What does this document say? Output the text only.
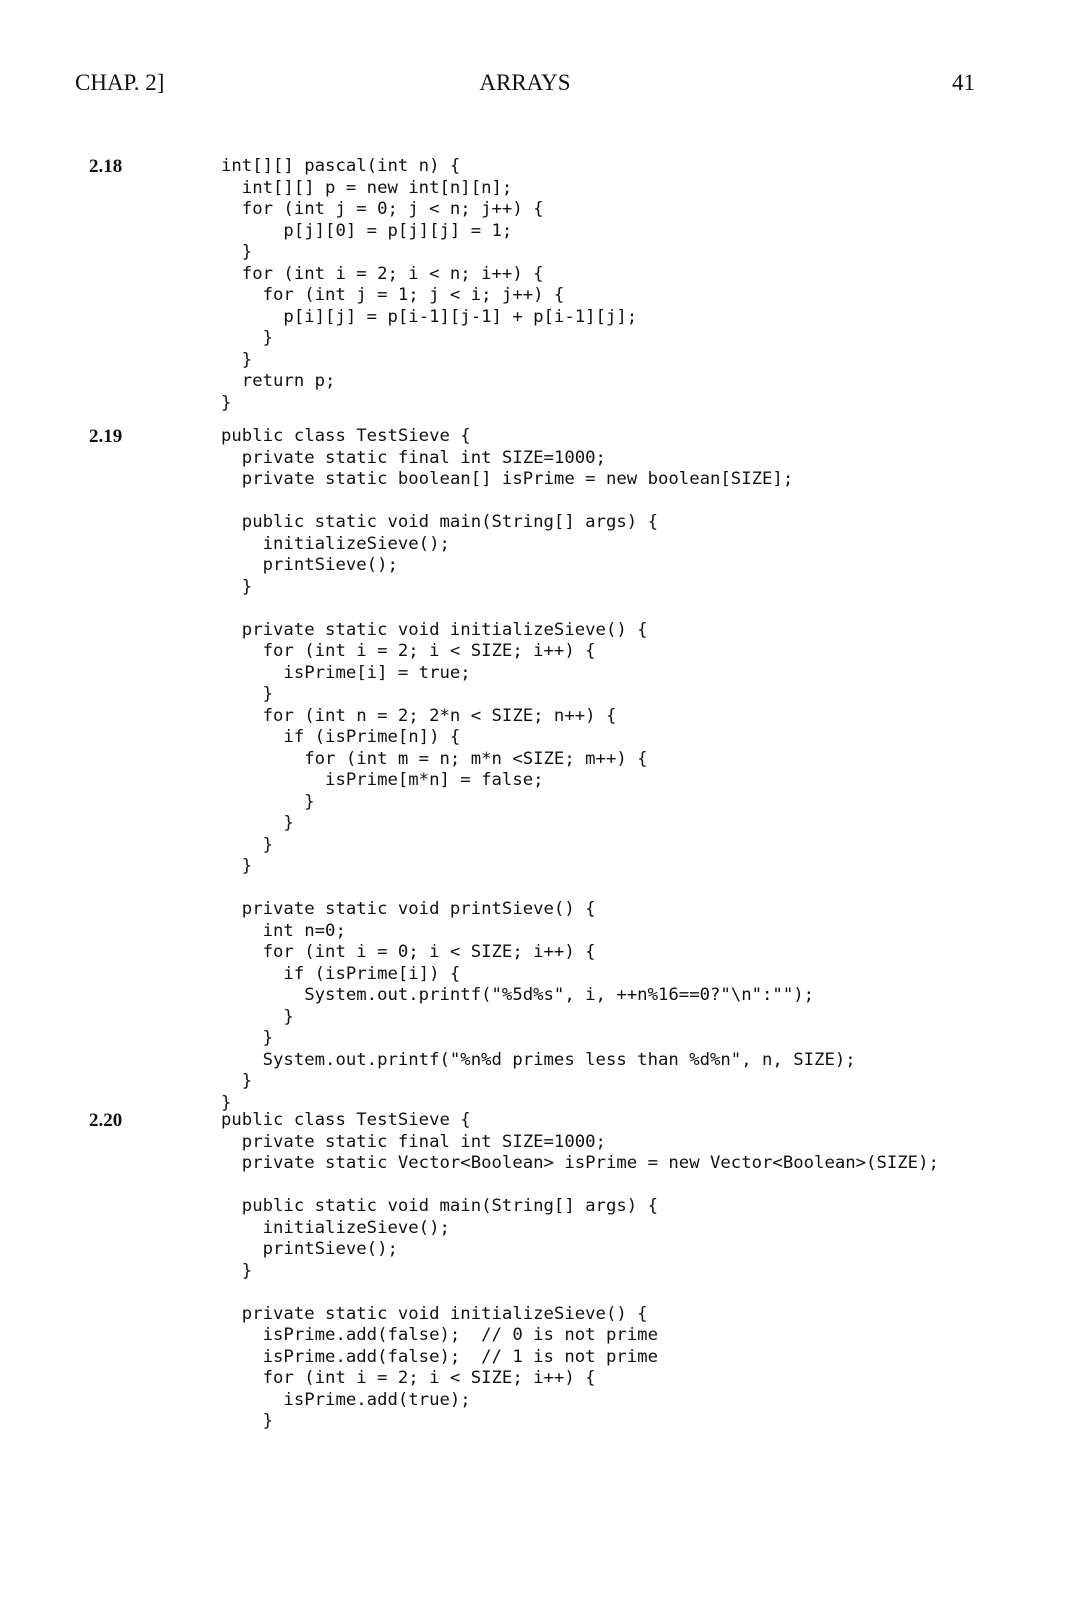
CHAP. 2]	ARRAYS	41
2.18	int[][] pascal(int n) {
int[][] p = new int[n][n];
for (int j = 0; j < n; j++) {
p[j][0] = p[j][j] = 1;
}
for (int i = 2; i < n; i++) {
for (int j = 1; j < i; j++) {
p[i][j] = p[i-1][j-1] + p[i-1][j];
}
}
return p;
}
2.19	public class TestSieve {
private static final int SIZE=1000;
private static boolean[] isPrime = new boolean[SIZE];
public static void main(String[] args) {
initializeSieve();
printSieve();
}
private static void initializeSieve() {
for (int i = 2; i < SIZE; i++) {
isPrime[i] = true;
}
for (int n = 2; 2*n < SIZE; n++) {
if (isPrime[n]) {
for (int m = n; m*n <SIZE; m++) {
isPrime[m*n] = false;
}
}
}
}
private static void printSieve() {
int n=0;
for (int i = 0; i < SIZE; i++) {
if (isPrime[i]) {
System.out.printf("%5d%s", i, ++n%16==0?"\n":"");
}
}
System.out.printf("%n%d primes less than %d%n", n, SIZE);
}
}
2.20	public class TestSieve {
private static final int SIZE=1000;
private static Vector<Boolean> isPrime = new Vector<Boolean>(SIZE);
public static void main(String[] args) {
initializeSieve();
printSieve();
}
private static void initializeSieve() {
isPrime.add(false);  // 0 is not prime
isPrime.add(false);  // 1 is not prime
for (int i = 2; i < SIZE; i++) {
isPrime.add(true);
}
